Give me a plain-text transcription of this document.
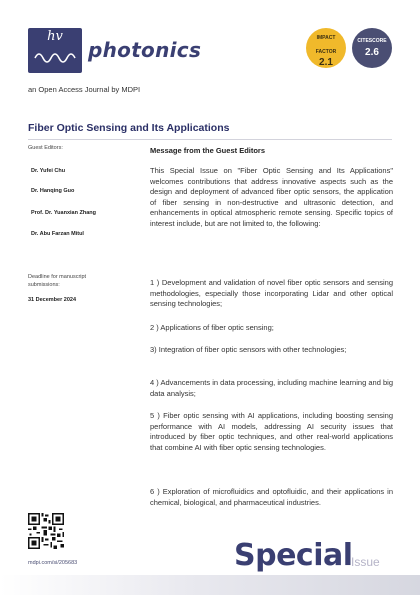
hv
photonics
an Open Access Journal by MDPI
IMPACT
FACTOR
2.1
CITESCORE
2.6
Fiber Optic Sensing and Its Applications
Guest Editors:
Dr. Yufei Chu
Dr. Hanqing Guo
Prof. Dr. Yuanxian Zhang
Dr. Abu Farzan Mitul
Deadline for manuscript submissions:
31 December 2024
mdpi.com/si/205683
Message from the Guest Editors

This Special Issue on "Fiber Optic Sensing and Its Applications" welcomes contributions that address innovative aspects such as the design and deployment of advanced fiber optic sensors, the application of fiber sensing in non-destructive and ultrasonic detection, and enhancements in optical atmospheric remote sensing. Specific topics of interest include, but are not limited to, the following:

1 ) Development and validation of novel fiber optic sensors and sensing methodologies, especially those incorporating Lidar and other optical sensing technologies;

2 ) Applications of fiber optic sensing;

3) Integration of fiber optic sensors with other technologies;

4 ) Advancements in data processing, including machine learning and big data analysis;

5 ) Fiber optic sensing with AI applications, including boosting sensing performance with AI models, addressing AI security issues that introduced by fiber optic techniques, and other real-world applications that combine AI with fiber optic sensing technologies.

6 ) Exploration of microfluidics and optofluidic, and their applications in chemical, biological, and pharmaceutical industries.

Special
Issue
